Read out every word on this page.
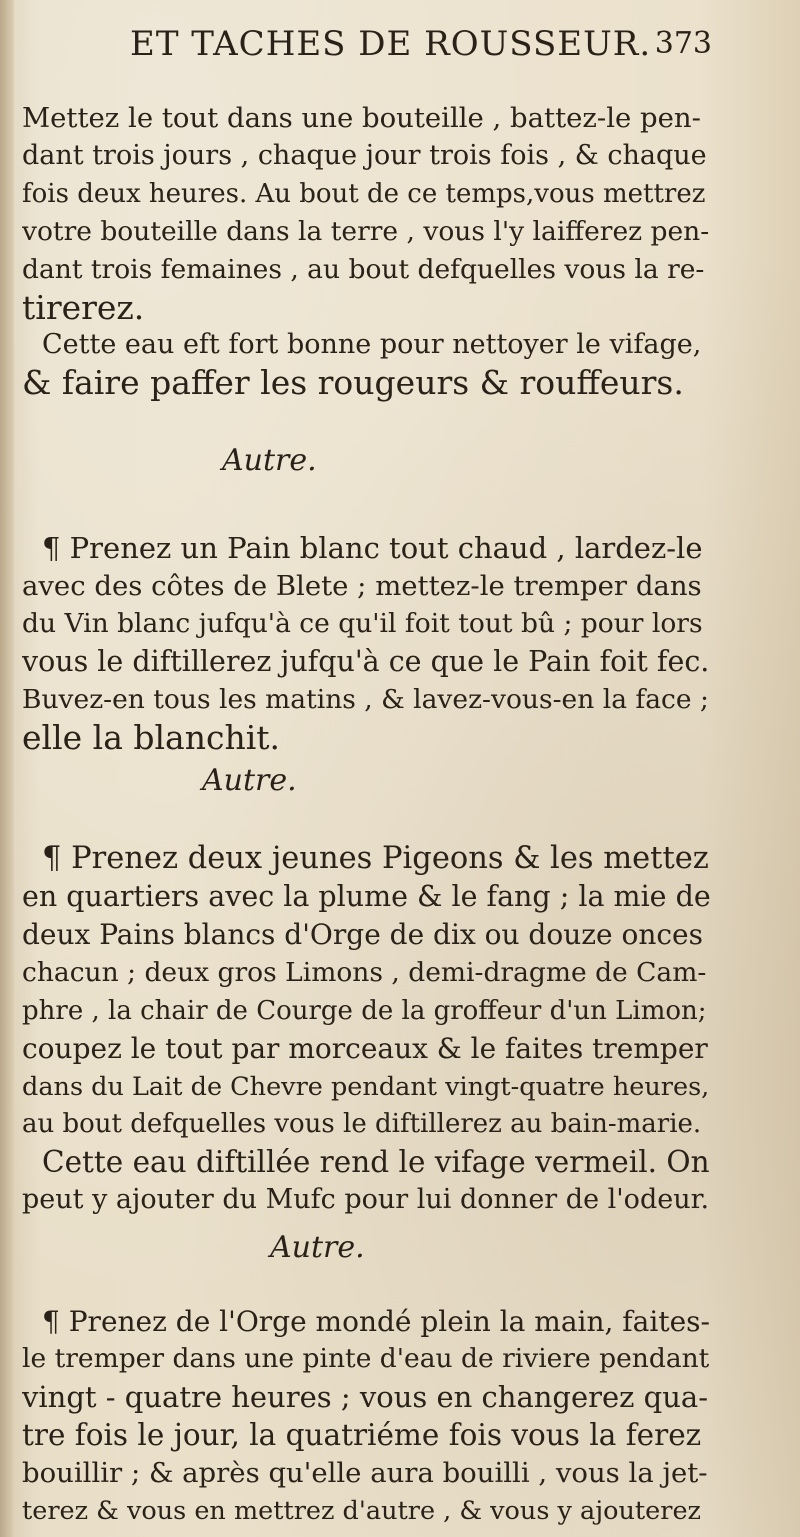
ET TACHES DE ROUSSEUR. 373
Mettez le tout dans une bouteille , battez-le pen-
dant trois jours , chaque jour trois fois , & chaque
fois deux heures. Au bout de ce temps,vous mettrez
votre bouteille dans la terre , vous l'y laifferez pen-
dant trois femaines , au bout defquelles vous la re-
tirerez.
Cette eau eft fort bonne pour nettoyer le vifage,
& faire paffer les rougeurs & rouffeurs.
Autre.
¶ Prenez un Pain blanc tout chaud , lardez-le
avec des côtes de Blete ; mettez-le tremper dans
du Vin blanc jufqu'à ce qu'il foit tout bû ; pour lors
vous le diftillerez jufqu'à ce que le Pain foit fec.
Buvez-en tous les matins , & lavez-vous-en la face ;
elle la blanchit.
Autre.
¶ Prenez deux jeunes Pigeons & les mettez
en quartiers avec la plume & le fang ; la mie de
deux Pains blancs d'Orge de dix ou douze onces
chacun ; deux gros Limons , demi-dragme de Cam-
phre , la chair de Courge de la groffeur d'un Limon;
coupez le tout par morceaux & le faites tremper
dans du Lait de Chevre pendant vingt-quatre heures,
au bout defquelles vous le diftillerez au bain-marie.
Cette eau diftillée rend le vifage vermeil. On
peut y ajouter du Mufc pour lui donner de l'odeur.
Autre.
¶ Prenez de l'Orge mondé plein la main, faites-
le tremper dans une pinte d'eau de riviere pendant
vingt - quatre heures ; vous en changerez qua-
tre fois le jour, la quatriéme fois vous la ferez
bouillir ; & après qu'elle aura bouilli , vous la jet-
terez & vous en mettrez d'autre , & vous y ajouterez
